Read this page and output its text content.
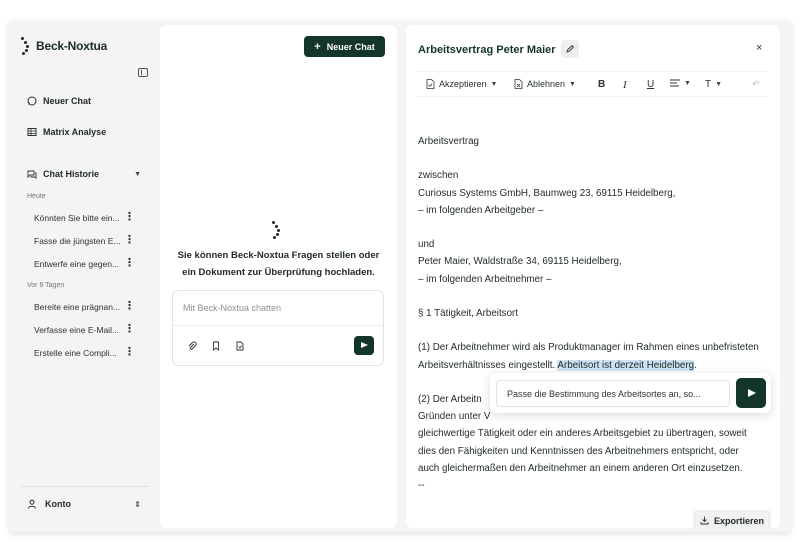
Beck-Noxtua
Neuer Chat
Matrix Analyse
Chat Historie	▼
Heute
Könnten Sie bitte ein... ⋮
Fasse die jüngsten E... ⋮
Entwerfe eine gegen... ⋮
Vor 6 Tagen
Bereite eine prägnan... ⋮
Verfasse eine E-Mail... ⋮
Erstelle eine Compli... ⋮
Konto	⇕
+ Neuer Chat
Sie können Beck-Noxtua Fragen stellen oder ein Dokument zur Überprüfung hochladen.
Mit Beck-Noxtua chatten
Arbeitsvertrag Peter Maier	×
Akzeptieren ▼	Ablehnen ▼ B I U	▼ T ▼	↶
Arbeitsvertrag
zwischen
Curiosus Systems GmbH, Baumweg 23, 69115 Heidelberg,
– im folgenden Arbeitgeber –
und
Peter Maier, Waldstraße 34, 69115 Heidelberg,
– im folgenden Arbeitnehmer –
§ 1 Tätigkeit, Arbeitsort
(1) Der Arbeitnehmer wird als Produktmanager im Rahmen eines unbefristeten
Arbeitsverhältnisses eingestellt. Arbeitsort ist derzeit Heidelberg.
(2) Der Arbeitn
Gründen unter V
gleichwertige Tätigkeit oder ein anderes Arbeitsgebiet zu übertragen, soweit
dies den Fähigkeiten und Kenntnissen des Arbeitnehmers entspricht, oder
auch gleichermaßen den Arbeitnehmer an einem anderen Ort einzusetzen.
--
Passe die Bestimmung des Arbeitsortes an, so...
Exportieren
